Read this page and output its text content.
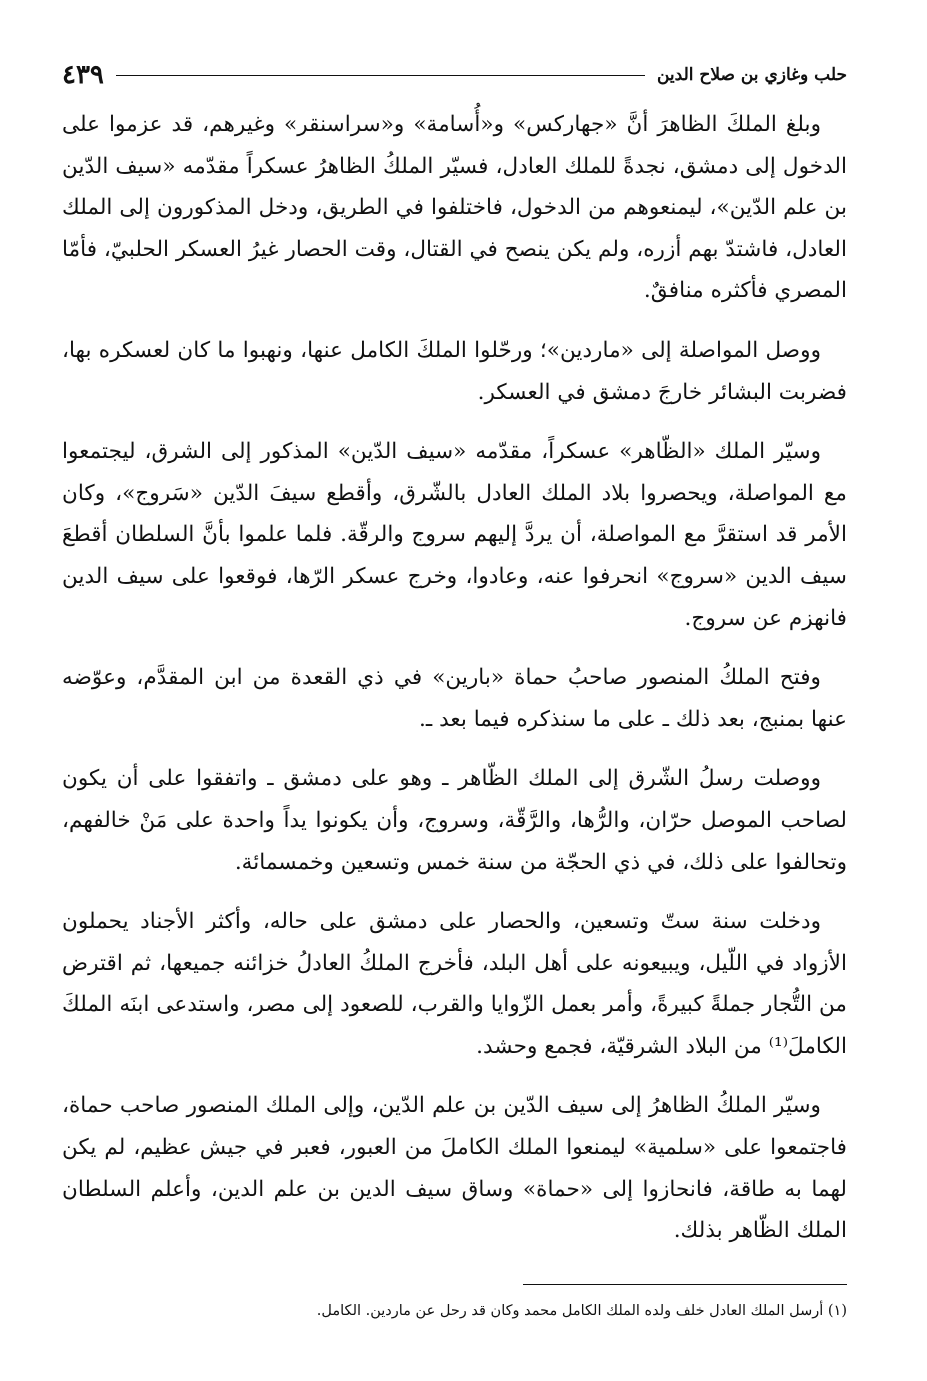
حلب وغازي بن صلاح الدين
٤٣٩

وبلغ الملكَ الظاهرَ أنَّ «جهاركس» و«أُسامة» و«سراسنقر» وغيرهم، قد عزموا على الدخول إلى دمشق، نجدةً للملك العادل، فسيّر الملكُ الظاهرُ عسكراً مقدّمه «سيف الدّين بن علم الدّين»، ليمنعوهم من الدخول، فاختلفوا في الطريق، ودخل المذكورون إلى الملك العادل، فاشتدّ بهم أزره، ولم يكن ينصح في القتال، وقت الحصار غيرُ العسكر الحلبيّ، فأمّا المصري فأكثره منافقٌ.

ووصل المواصلة إلى «ماردين»؛ ورحّلوا الملكَ الكامل عنها، ونهبوا ما كان لعسكره بها، فضربت البشائر خارجَ دمشق في العسكر.

وسيّر الملك «الظّاهر» عسكراً، مقدّمه «سيف الدّين» المذكور إلى الشرق، ليجتمعوا مع المواصلة، ويحصروا بلاد الملك العادل بالشّرق، وأقطع سيفَ الدّين «سَروج»، وكان الأمر قد استقرَّ مع المواصلة، أن يردَّ إليهم سروج والرقّة. فلما علموا بأنَّ السلطان أقطعَ سيف الدين «سروج» انحرفوا عنه، وعادوا، وخرج عسكر الرّها، فوقعوا على سيف الدين فانهزم عن سروج.

وفتح الملكُ المنصور صاحبُ حماة «بارين» في ذي القعدة من ابن المقدَّم، وعوّضه عنها بمنبج، بعد ذلك ـ على ما سنذكره فيما بعد ـ.

ووصلت رسلُ الشّرق إلى الملك الظّاهر ـ وهو على دمشق ـ واتفقوا على أن يكون لصاحب الموصل حرّان، والرُّها، والرَّقّة، وسروج، وأن يكونوا يداً واحدة على مَنْ خالفهم، وتحالفوا على ذلك، في ذي الحجّة من سنة خمس وتسعين وخمسمائة.

ودخلت سنة ستّ وتسعين، والحصار على دمشق على حاله، وأكثر الأجناد يحملون الأزواد في اللّيل، ويبيعونه على أهل البلد، فأخرج الملكُ العادلُ خزائنه جميعها، ثم اقترض من التُّجار جملةً كبيرةً، وأمر بعمل الزّوايا والقرب، للصعود إلى مصر، واستدعى ابنَه الملكَ الكاملَ⁽¹⁾ من البلاد الشرقيّة، فجمع وحشد.

وسيّر الملكُ الظاهرُ إلى سيف الدّين بن علم الدّين، وإلى الملك المنصور صاحب حماة، فاجتمعوا على «سلمية» ليمنعوا الملك الكاملَ من العبور، فعبر في جيش عظيم، لم يكن لهما به طاقة، فانحازوا إلى «حماة» وساق سيف الدين بن علم الدين، وأعلم السلطان الملك الظّاهر بذلك.

(١) أرسل الملك العادل خلف ولده الملك الكامل محمد وكان قد رحل عن ماردين. الكامل.
